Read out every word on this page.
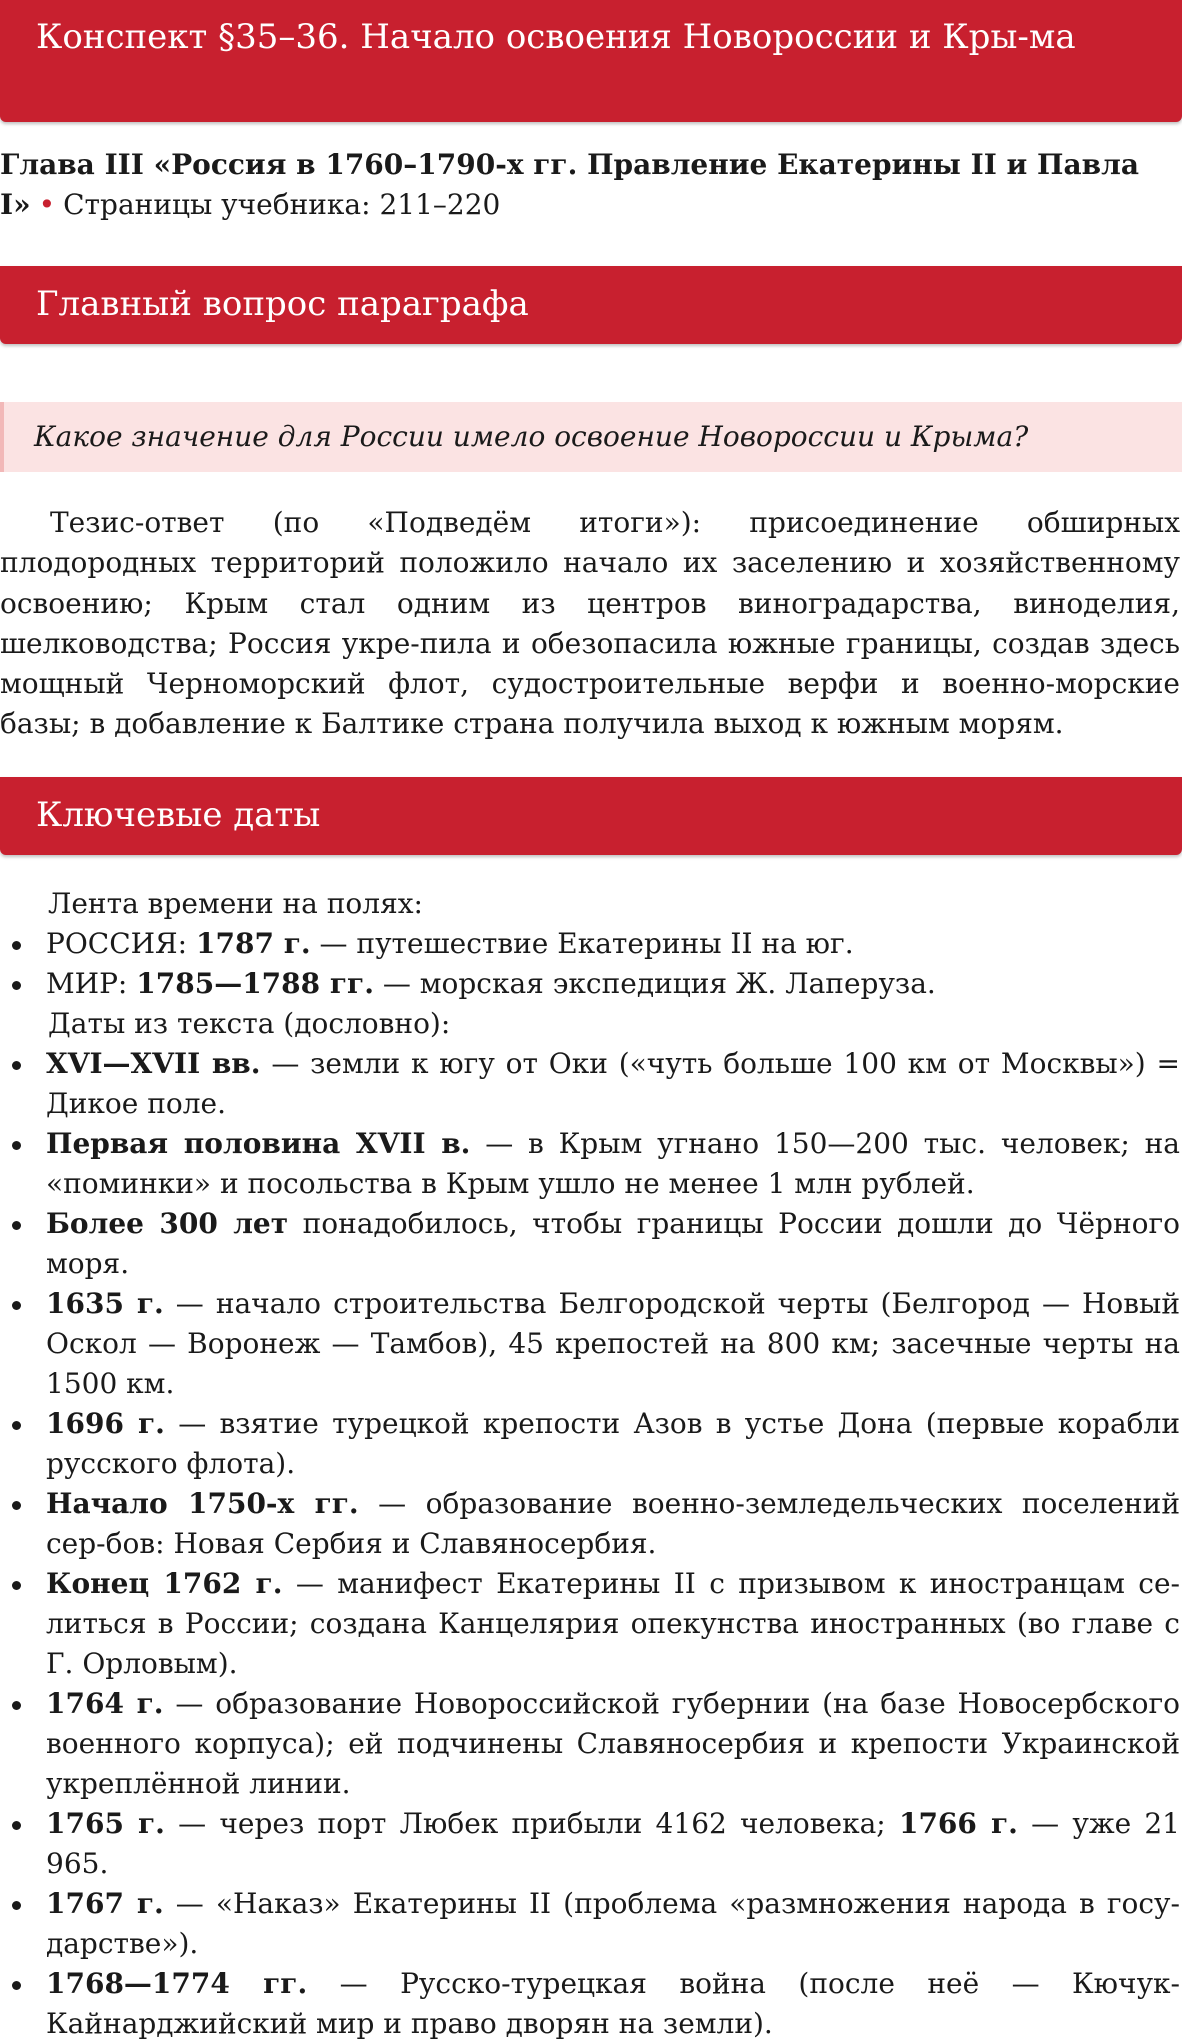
Конспект §35–36. Начало освоения Новороссии и Кры-ма
Глава III «Россия в 1760–1790-х гг. Правление Екатерины II и Павла I» • Страницы учебника: 211–220
Главный вопрос параграфа
Какое значение для России имело освоение Новороссии и Крыма?
Тезис-ответ (по «Подведём итоги»): присоединение обширных плодородных территорий положило начало их заселению и хозяйственному освоению; Крым стал одним из центров виноградарства, виноделия, шелководства; Россия укре-пила и обезопасила южные границы, создав здесь мощный Черноморский флот, судостроительные верфи и военно-морские базы; в добавление к Балтике страна получила выход к южным морям.
Ключевые даты
Лента времени на полях:
РОССИЯ: 1787 г. — путешествие Екатерины II на юг.
МИР: 1785—1788 гг. — морская экспедиция Ж. Лаперуза.
Даты из текста (дословно):
XVI—XVII вв. — земли к югу от Оки («чуть больше 100 км от Москвы») = Дикое поле.
Первая половина XVII в. — в Крым угнано 150—200 тыс. человек; на «поминки» и посольства в Крым ушло не менее 1 млн рублей.
Более 300 лет понадобилось, чтобы границы России дошли до Чёрного моря.
1635 г. — начало строительства Белгородской черты (Белгород — Новый Оскол — Воронеж — Тамбов), 45 крепостей на 800 км; засечные черты на 1500 км.
1696 г. — взятие турецкой крепости Азов в устье Дона (первые корабли русского флота).
Начало 1750-х гг. — образование военно-земледельческих поселений сер-бов: Новая Сербия и Славяносербия.
Конец 1762 г. — манифест Екатерины II с призывом к иностранцам се-литься в России; создана Канцелярия опекунства иностранных (во главе с Г. Орловым).
1764 г. — образование Новороссийской губернии (на базе Новосербского военного корпуса); ей подчинены Славяносербия и крепости Украинской укреплённой линии.
1765 г. — через порт Любек прибыли 4162 человека; 1766 г. — уже 21 965.
1767 г. — «Наказ» Екатерины II (проблема «размножения народа в госу-дарстве»).
1768—1774 гг. — Русско-турецкая война (после неё — Кючук-Кайнарджийский мир и право дворян на земли).
